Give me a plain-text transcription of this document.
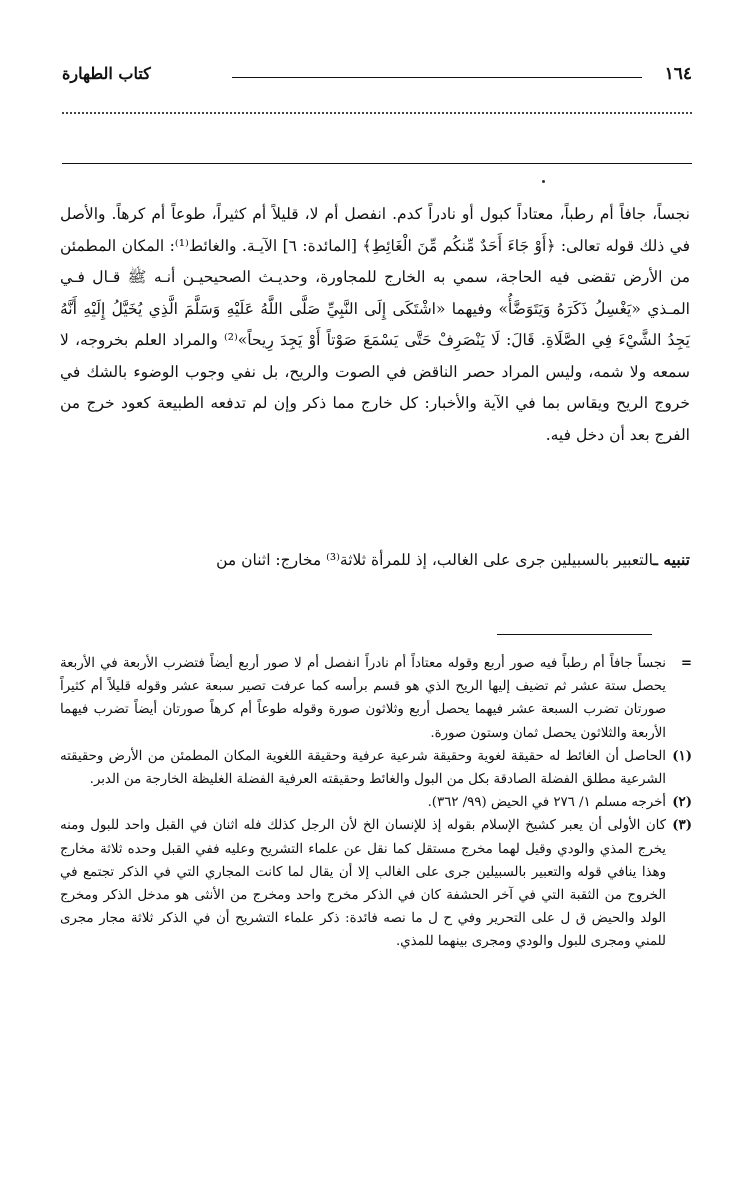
١٦٤
كتاب الطهارة

نجساً، جافاً أم رطباً، معتاداً كبول أو نادراً كدم. انفصل أم لا، قليلاً أم كثيراً، طوعاً أم كرهاً. والأصل في ذلك قوله تعالى: ﴿أَوْ جَاءَ أَحَدٌ مِّنكُم مِّنَ الْغَائِطِ﴾ [المائدة: ٦] الآيـة. والغائط⁽¹⁾: المكان المطمئن من الأرض تقضى فيه الحاجة، سمي به الخارج للمجاورة، وحديـث الصحيحيـن أنـه ﷺ قـال فـي المـذي «يَغْسِلُ ذَكَرَهُ وَيَتَوَضَّأُ» وفيهما «اشْتَكَى إِلَى النَّبِيِّ صَلَّى اللَّهُ عَلَيْهِ وَسَلَّمَ الَّذِي يُخَيَّلُ إِلَيْهِ أَنَّهُ يَجِدُ الشَّيْءَ فِي الصَّلَاةِ. قَالَ: لَا يَنْصَرِفْ حَتَّى يَسْمَعَ صَوْتاً أَوْ يَجِدَ رِيحاً»⁽²⁾ والمراد العلم بخروجه، لا سمعه ولا شمه، وليس المراد حصر الناقض في الصوت والريح، بل نفي وجوب الوضوء بالشك في خروج الريح ويقاس بما في الآية والأخبار: كل خارج مما ذكر وإن لم تدفعه الطبيعة كعود خرج من الفرج بعد أن دخل فيه.

تنبيه ـالتعبير بالسبيلين جرى على الغالب، إذ للمرأة ثلاثة⁽³⁾ مخارج: اثنان من

=
نجساً جافاً أم رطباً فيه صور أربع وقوله معتاداً أم نادراً انفصل أم لا صور أربع أيضاً فتضرب الأربعة في الأربعة يحصل ستة عشر ثم تضيف إليها الريح الذي هو قسم برأسه كما عرفت تصير سبعة عشر وقوله قليلاً أم كثيراً صورتان تضرب السبعة عشر فيهما يحصل أربع وثلاثون صورة وقوله طوعاً أم كرهاً صورتان أيضاً تضرب فيهما الأربعة والثلاثون يحصل ثمان وستون صورة.

(١)
الحاصل أن الغائط له حقيقة لغوية وحقيقة شرعية عرفية وحقيقة اللغوية المكان المطمئن من الأرض وحقيقته الشرعية مطلق الفضلة الصادقة بكل من البول والغائط وحقيقته العرفية الفضلة الغليظة الخارجة من الدبر.

(٢)
أخرجه مسلم ١/ ٢٧٦ في الحيض (٩٩/ ٣٦٢).

(٣)
كان الأولى أن يعبر كشيخ الإسلام بقوله إذ للإنسان الخ لأن الرجل كذلك فله اثنان في القبل واحد للبول ومنه يخرج المذي والودي وقيل لهما مخرج مستقل كما نقل عن علماء التشريح وعليه ففي القبل وحده ثلاثة مخارج وهذا ينافي قوله والتعبير بالسبيلين جرى على الغالب إلا أن يقال لما كانت المجاري التي في الذكر تجتمع في الخروج من الثقبة التي في آخر الحشفة كان في الذكر مخرج واحد ومخرج من الأنثى هو مدخل الذكر ومخرج الولد والحيض ق ل على التحرير وفي ح ل ما نصه فائدة: ذكر علماء التشريح أن في الذكر ثلاثة مجار مجرى للمني ومجرى للبول والودي ومجرى بينهما للمذي.
